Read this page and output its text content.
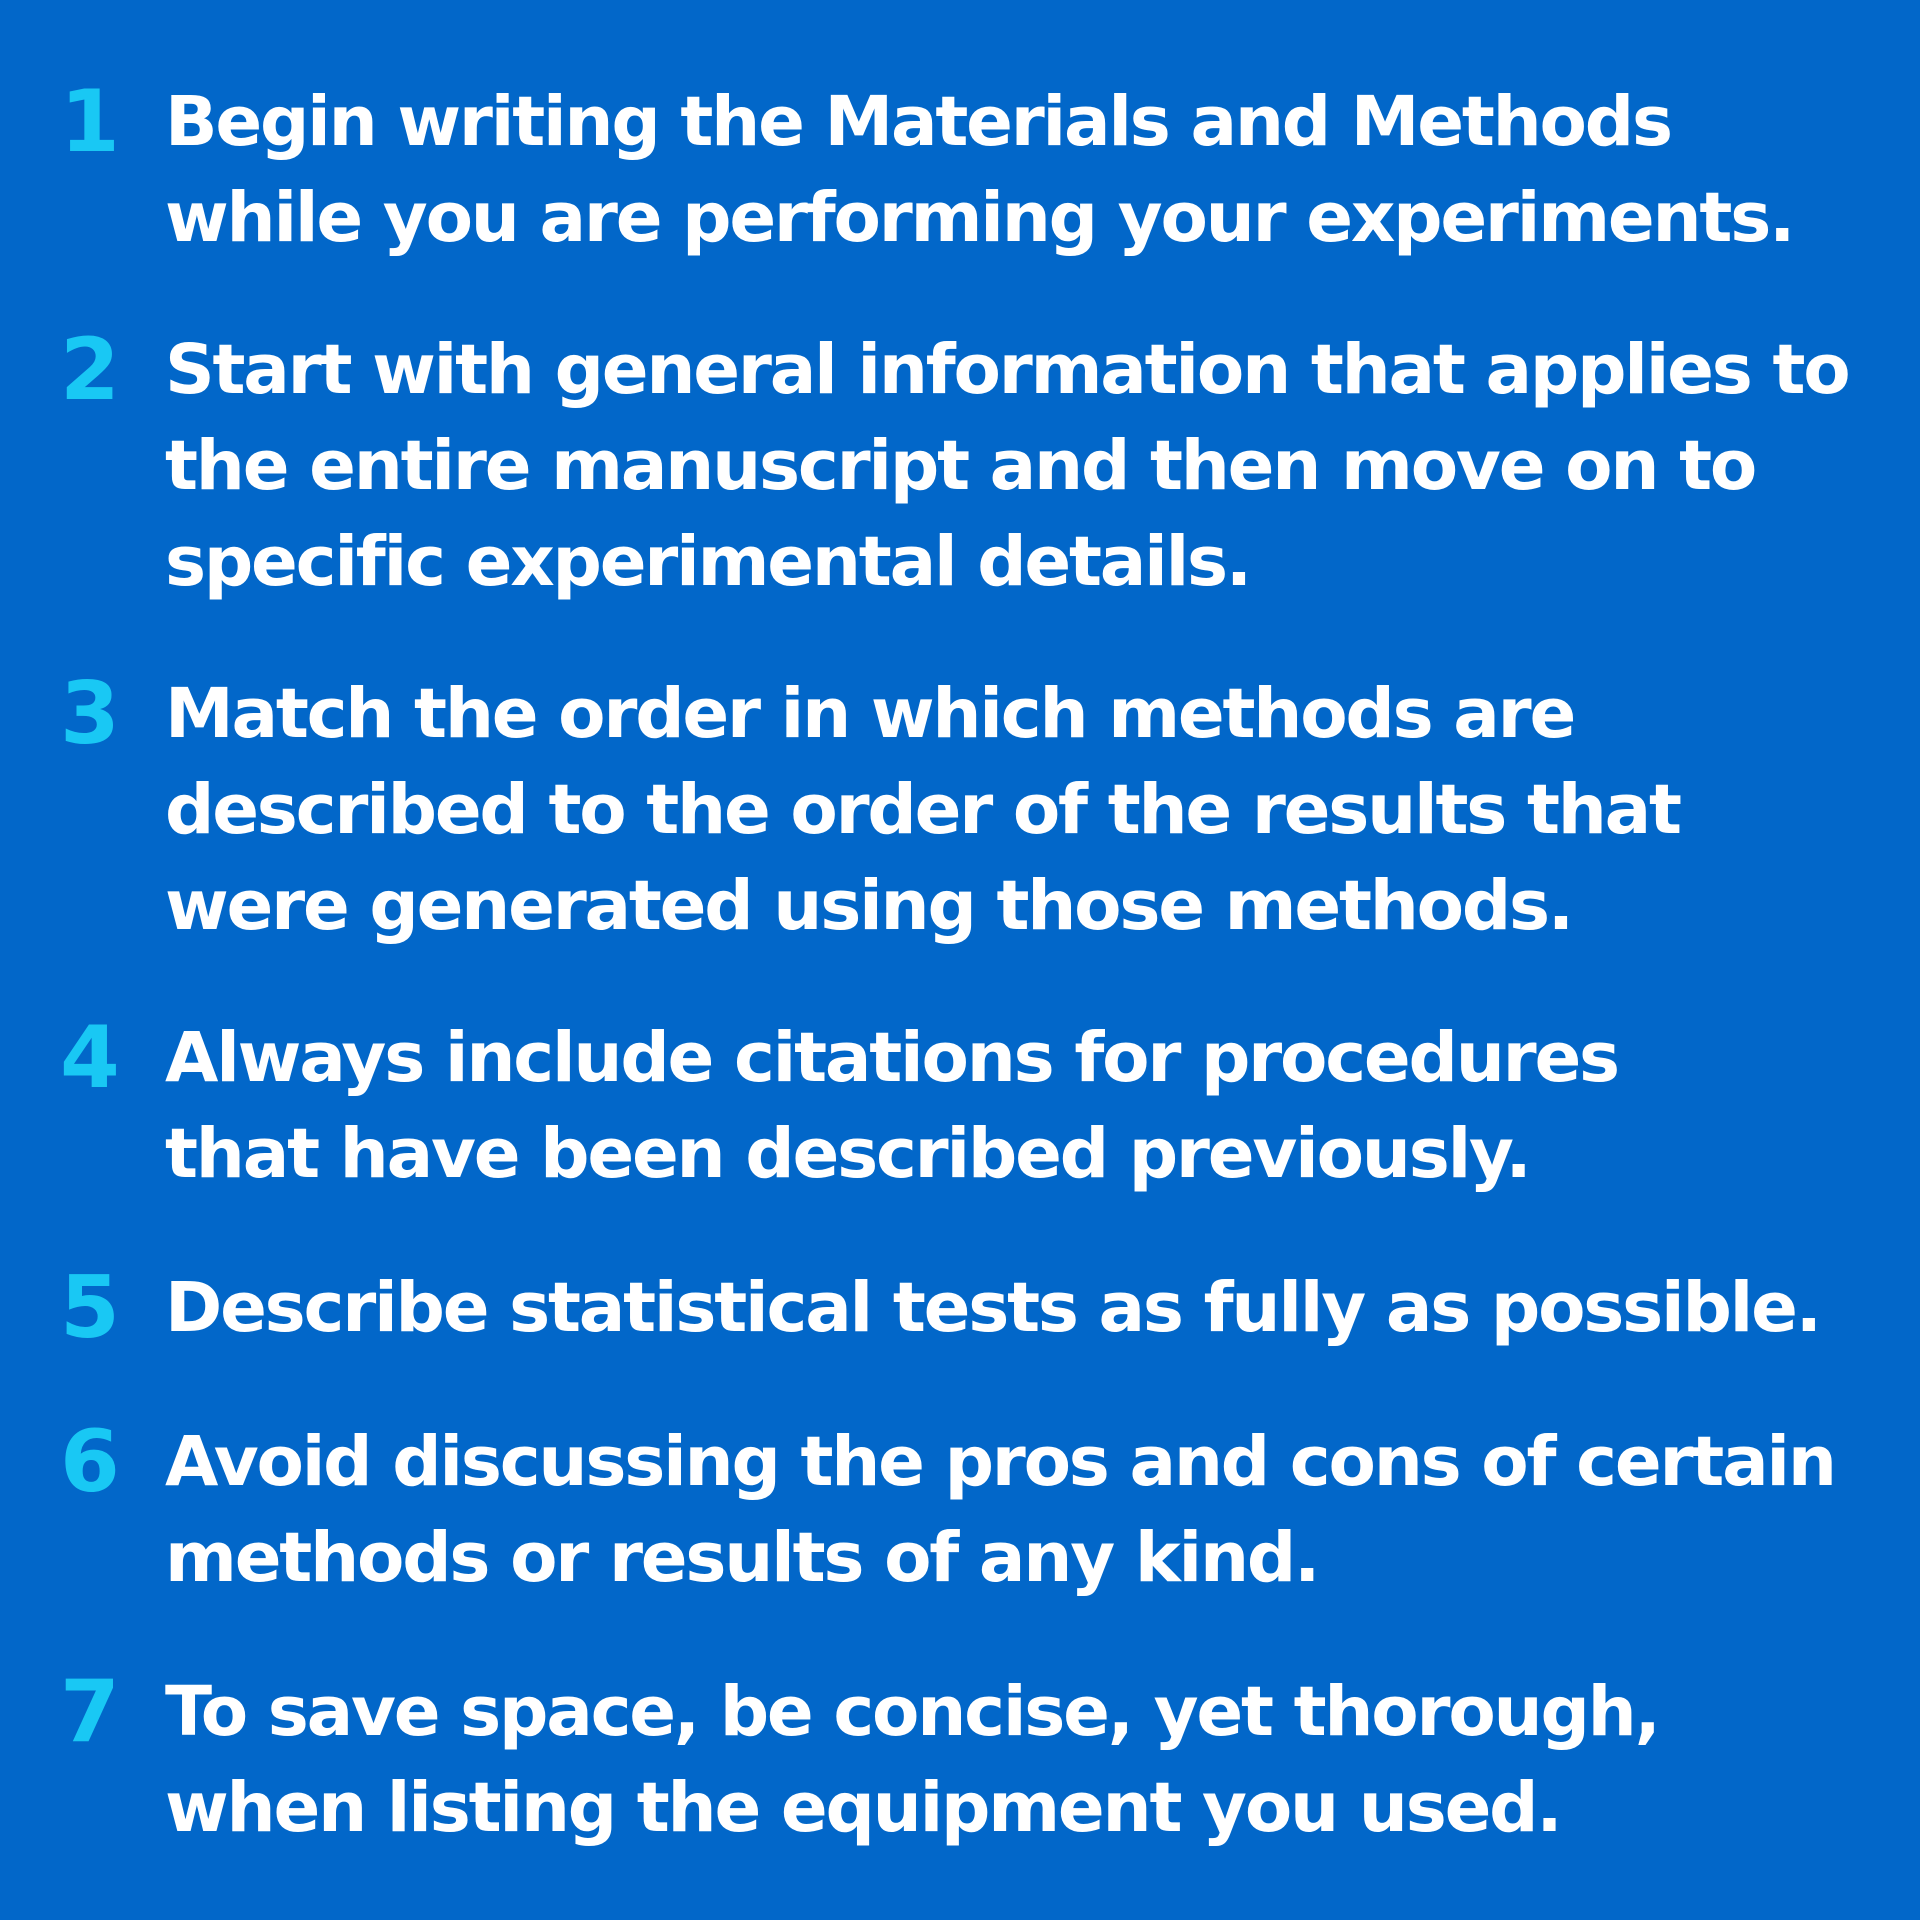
1 Begin writing the Materials and Methods
while you are performing your experiments.
2 Start with general information that applies to
the entire manuscript and then move on to
specific experimental details.
3 Match the order in which methods are
described to the order of the results that
were generated using those methods.
4 Always include citations for procedures
that have been described previously.
5 Describe statistical tests as fully as possible.
6 Avoid discussing the pros and cons of certain
methods or results of any kind.
7 To save space, be concise, yet thorough,
when listing the equipment you used.
